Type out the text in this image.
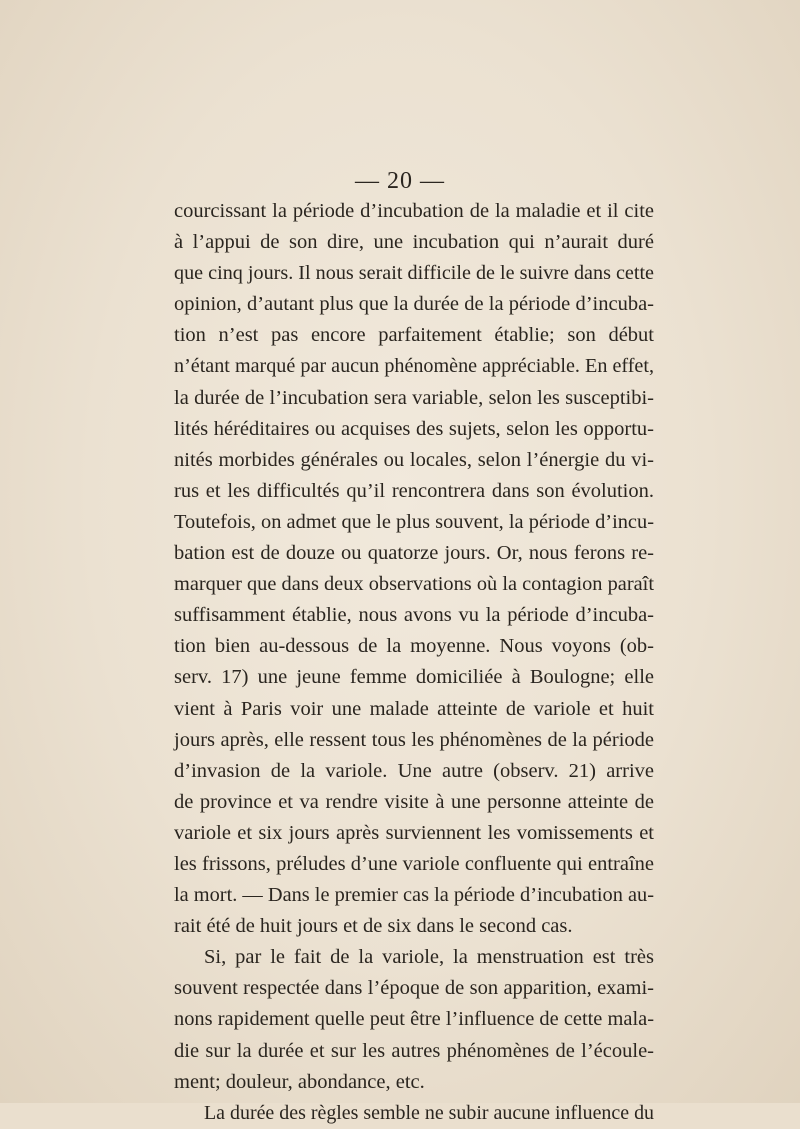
— 20 —
courcissant la période d’incubation de la maladie et il cite
à l’appui de son dire, une incubation qui n’aurait duré
que cinq jours. Il nous serait difficile de le suivre dans cette
opinion, d’autant plus que la durée de la période d’incuba-
tion n’est pas encore parfaitement établie; son début
n’étant marqué par aucun phénomène appréciable. En effet,
la durée de l’incubation sera variable, selon les susceptibi-
lités héréditaires ou acquises des sujets, selon les opportu-
nités morbides générales ou locales, selon l’énergie du vi-
rus et les difficultés qu’il rencontrera dans son évolution.
Toutefois, on admet que le plus souvent, la période d’incu-
bation est de douze ou quatorze jours. Or, nous ferons re-
marquer que dans deux observations où la contagion paraît
suffisamment établie, nous avons vu la période d’incuba-
tion bien au-dessous de la moyenne. Nous voyons (ob-
serv. 17) une jeune femme domiciliée à Boulogne; elle
vient à Paris voir une malade atteinte de variole et huit
jours après, elle ressent tous les phénomènes de la période
d’invasion de la variole. Une autre (observ. 21) arrive
de province et va rendre visite à une personne atteinte de
variole et six jours après surviennent les vomissements et
les frissons, préludes d’une variole confluente qui entraîne
la mort. — Dans le premier cas la période d’incubation au-
rait été de huit jours et de six dans le second cas.
Si, par le fait de la variole, la menstruation est très
souvent respectée dans l’époque de son apparition, exami-
nons rapidement quelle peut être l’influence de cette mala-
die sur la durée et sur les autres phénomènes de l’écoule-
ment; douleur, abondance, etc.
La durée des règles semble ne subir aucune influence du
